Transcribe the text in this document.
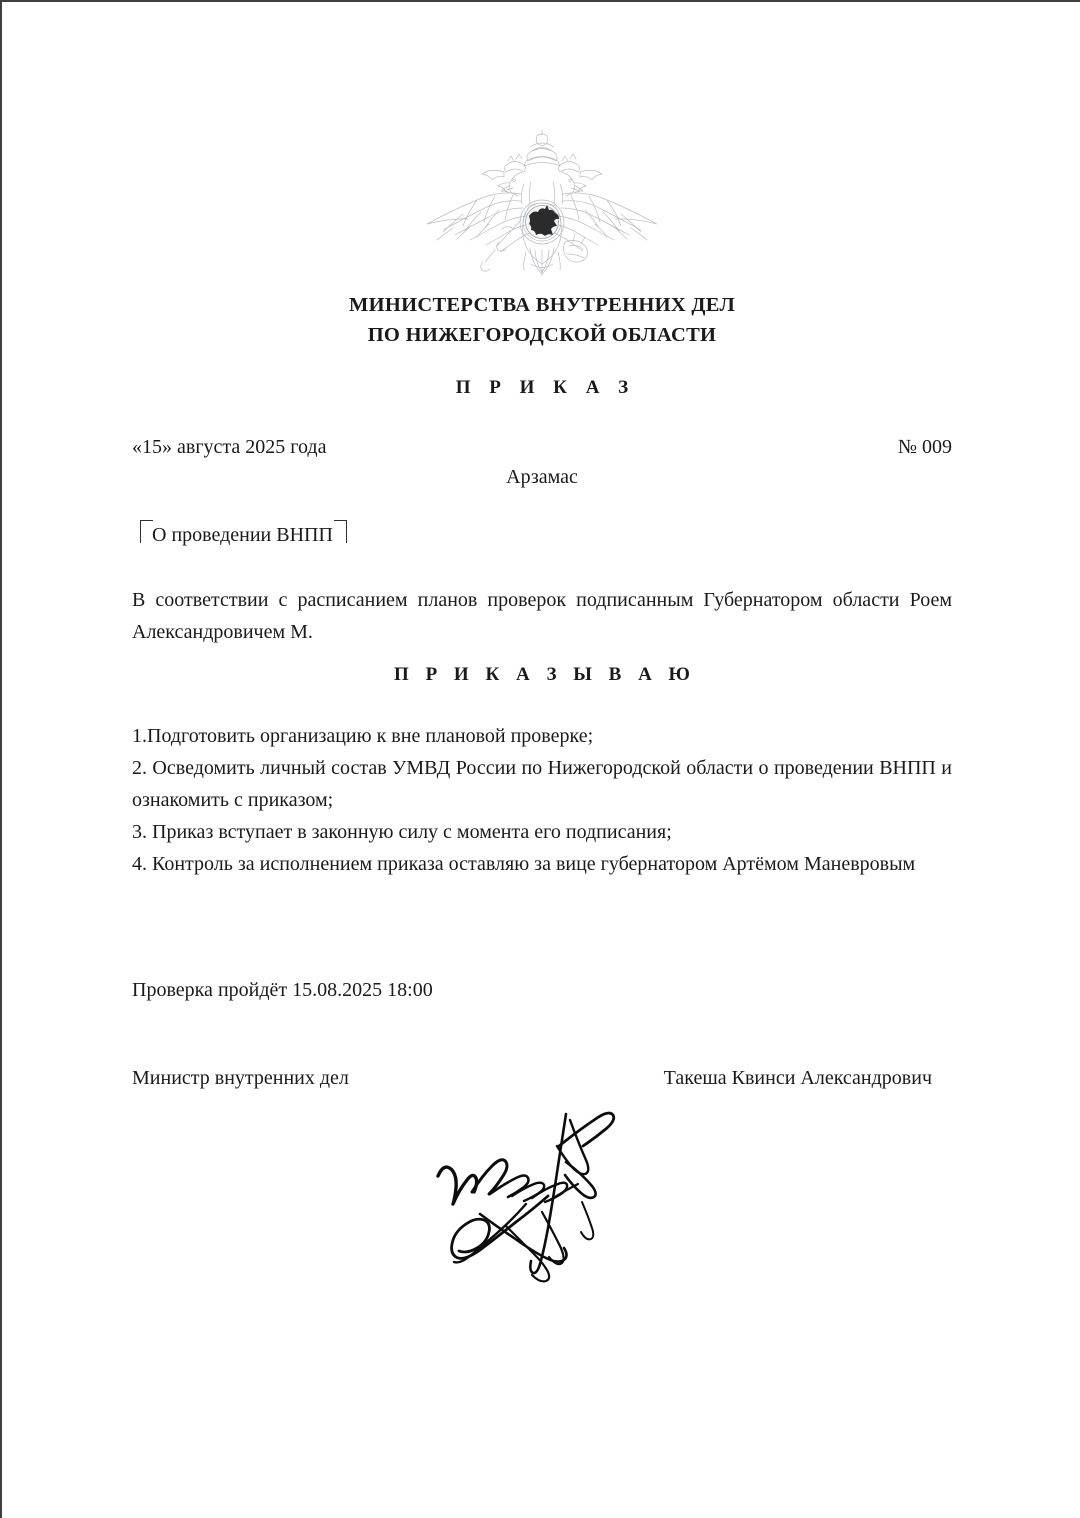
МИНИСТЕРСТВА ВНУТРЕННИХ ДЕЛ
ПО НИЖЕГОРОДСКОЙ ОБЛАСТИ
П Р И К А З
«15» августа 2025 года	№ 009
Арзамас
О проведении ВНПП
В соответствии с расписанием планов проверок подписанным Губернатором области Роем Александровичем М.
П Р И К А З Ы В А Ю

1.Подготовить организацию к вне плановой проверке;

2. Осведомить личный состав УМВД России по Нижегородской области о проведении ВНПП и ознакомить с приказом;

3. Приказ вступает в законную силу с момента его подписания;

4. Контроль за исполнением приказа оставляю за вице губернатором Артёмом Маневровым

Проверка пройдёт 15.08.2025 18:00
Министр внутренних дел	Такеша Квинси Александрович
